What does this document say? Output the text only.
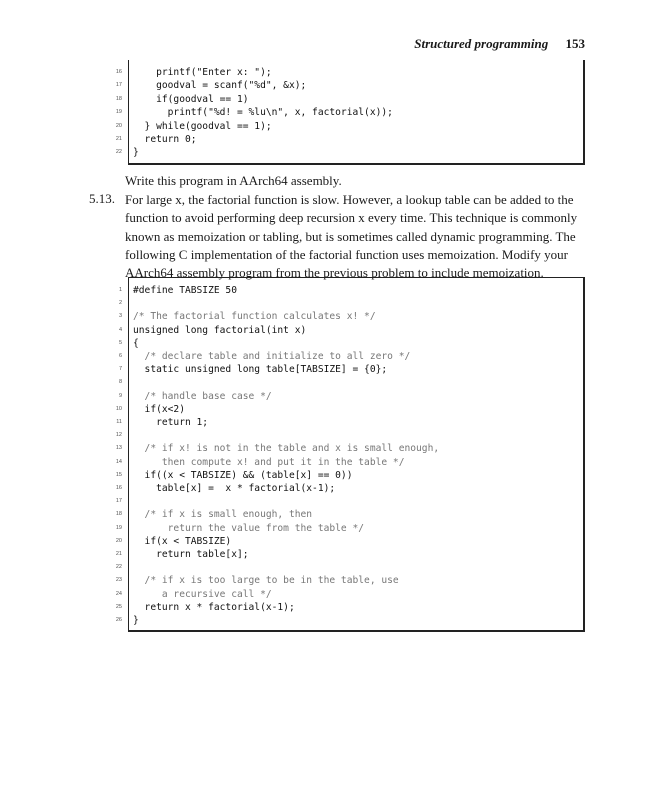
Structured programming 153
16 printf("Enter x: ");
17 goodval = scanf("%d", &x);
18 if(goodval == 1)
19 printf("%d! = %lu\n", x, factorial(x));
20 } while(goodval == 1);
21 return 0;
22 }
Write this program in AArch64 assembly.
5.13. For large x, the factorial function is slow. However, a lookup table can be added to the
function to avoid performing deep recursion x every time. This technique is commonly
known as memoization or tabling, but is sometimes called dynamic programming. The
following C implementation of the factorial function uses memoization. Modify your
AArch64 assembly program from the previous problem to include memoization.
1 #define TABSIZE 50
2
3 /* The factorial function calculates x! */
4 unsigned long factorial(int x)
5 {
6 /* declare table and initialize to all zero */
7 static unsigned long table[TABSIZE] = {0};
8
9 /* handle base case */
10 if(x<2)
11 return 1;
12
13 /* if x! is not in the table and x is small enough,
14 then compute x! and put it in the table */
15 if((x < TABSIZE) && (table[x] == 0))
16 table[x] =  x * factorial(x-1);
17
18 /* if x is small enough, then
19 return the value from the table */
20 if(x < TABSIZE)
21 return table[x];
22
23 /* if x is too large to be in the table, use
24 a recursive call */
25 return x * factorial(x-1);
26 }
